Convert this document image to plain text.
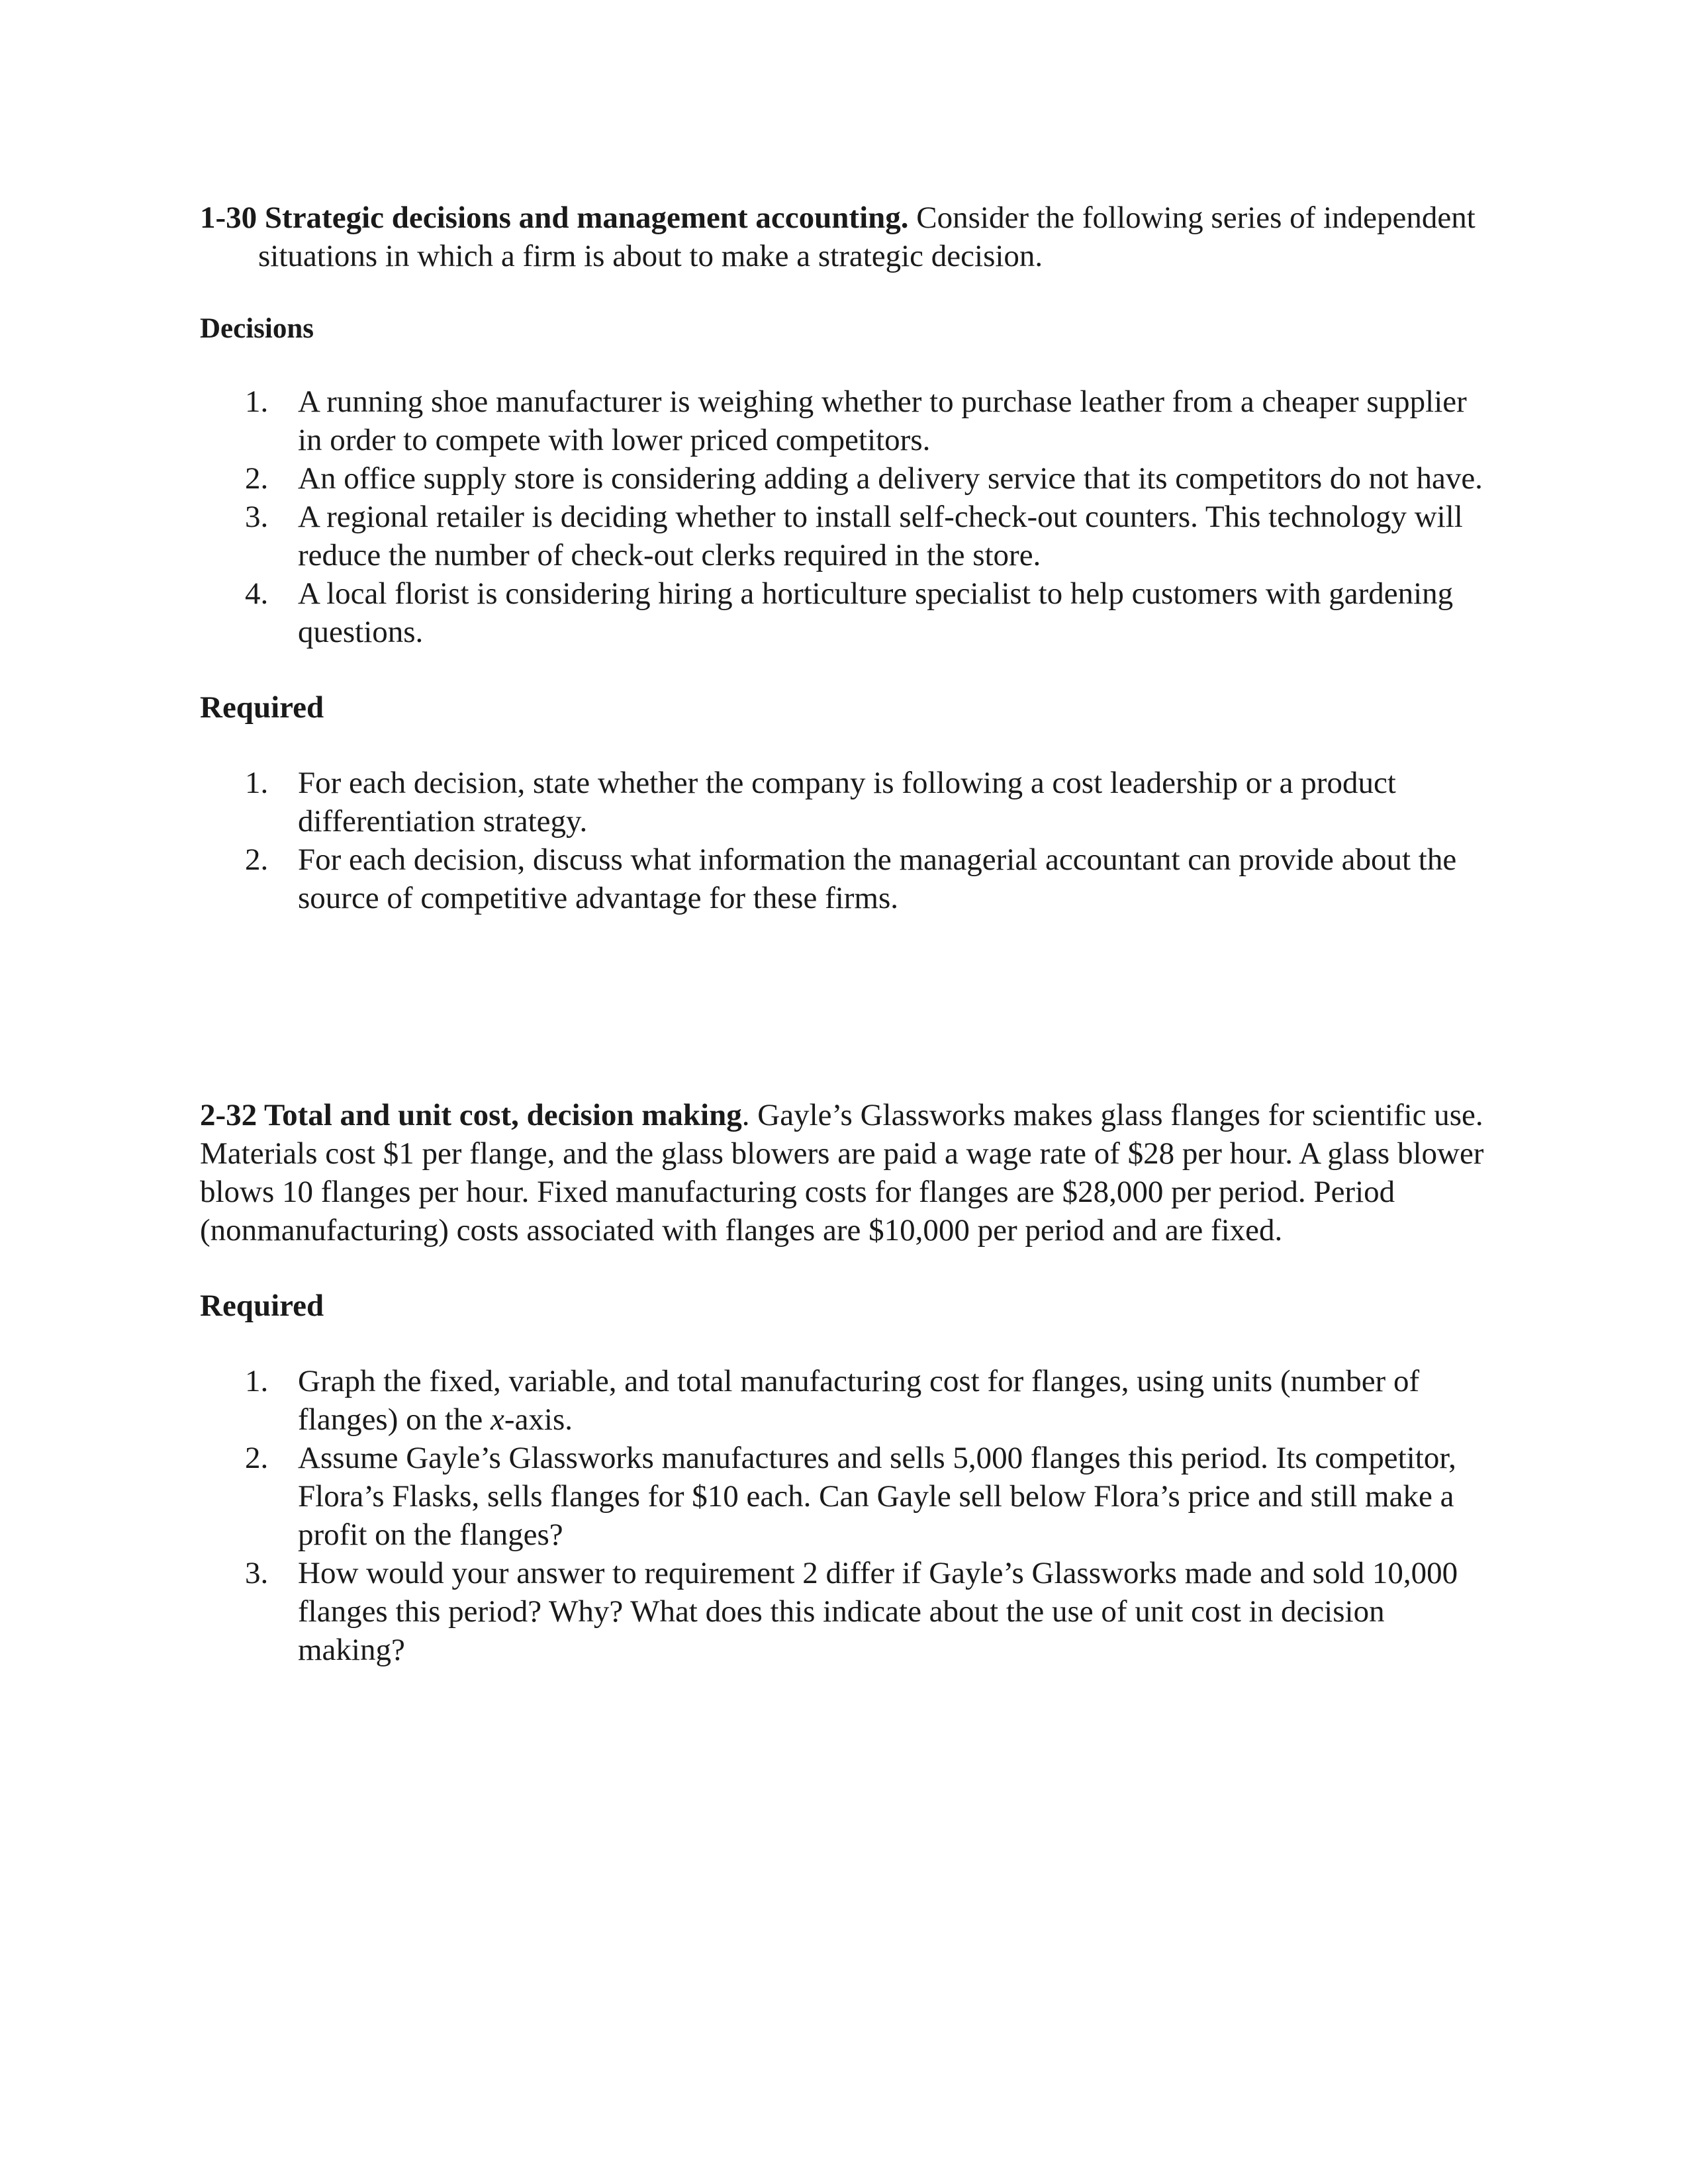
1-30 Strategic decisions and management accounting. Consider the following series of independent situations in which a firm is about to make a strategic decision.

Decisions

1. A running shoe manufacturer is weighing whether to purchase leather from a cheaper supplier in order to compete with lower priced competitors.
2. An office supply store is considering adding a delivery service that its competitors do not have.
3. A regional retailer is deciding whether to install self-check-out counters. This technology will reduce the number of check-out clerks required in the store.
4. A local florist is considering hiring a horticulture specialist to help customers with gardening questions.

Required

1. For each decision, state whether the company is following a cost leadership or a product differentiation strategy.
2. For each decision, discuss what information the managerial accountant can provide about the source of competitive advantage for these firms.

2-32 Total and unit cost, decision making. Gayle’s Glassworks makes glass flanges for scientific use. Materials cost $1 per flange, and the glass blowers are paid a wage rate of $28 per hour. A glass blower blows 10 flanges per hour. Fixed manufacturing costs for flanges are $28,000 per period. Period (nonmanufacturing) costs associated with flanges are $10,000 per period and are fixed.

Required

1. Graph the fixed, variable, and total manufacturing cost for flanges, using units (number of flanges) on the x-axis.
2. Assume Gayle’s Glassworks manufactures and sells 5,000 flanges this period. Its competitor, Flora’s Flasks, sells flanges for $10 each. Can Gayle sell below Flora’s price and still make a profit on the flanges?
3. How would your answer to requirement 2 differ if Gayle’s Glassworks made and sold 10,000 flanges this period? Why? What does this indicate about the use of unit cost in decision making?
